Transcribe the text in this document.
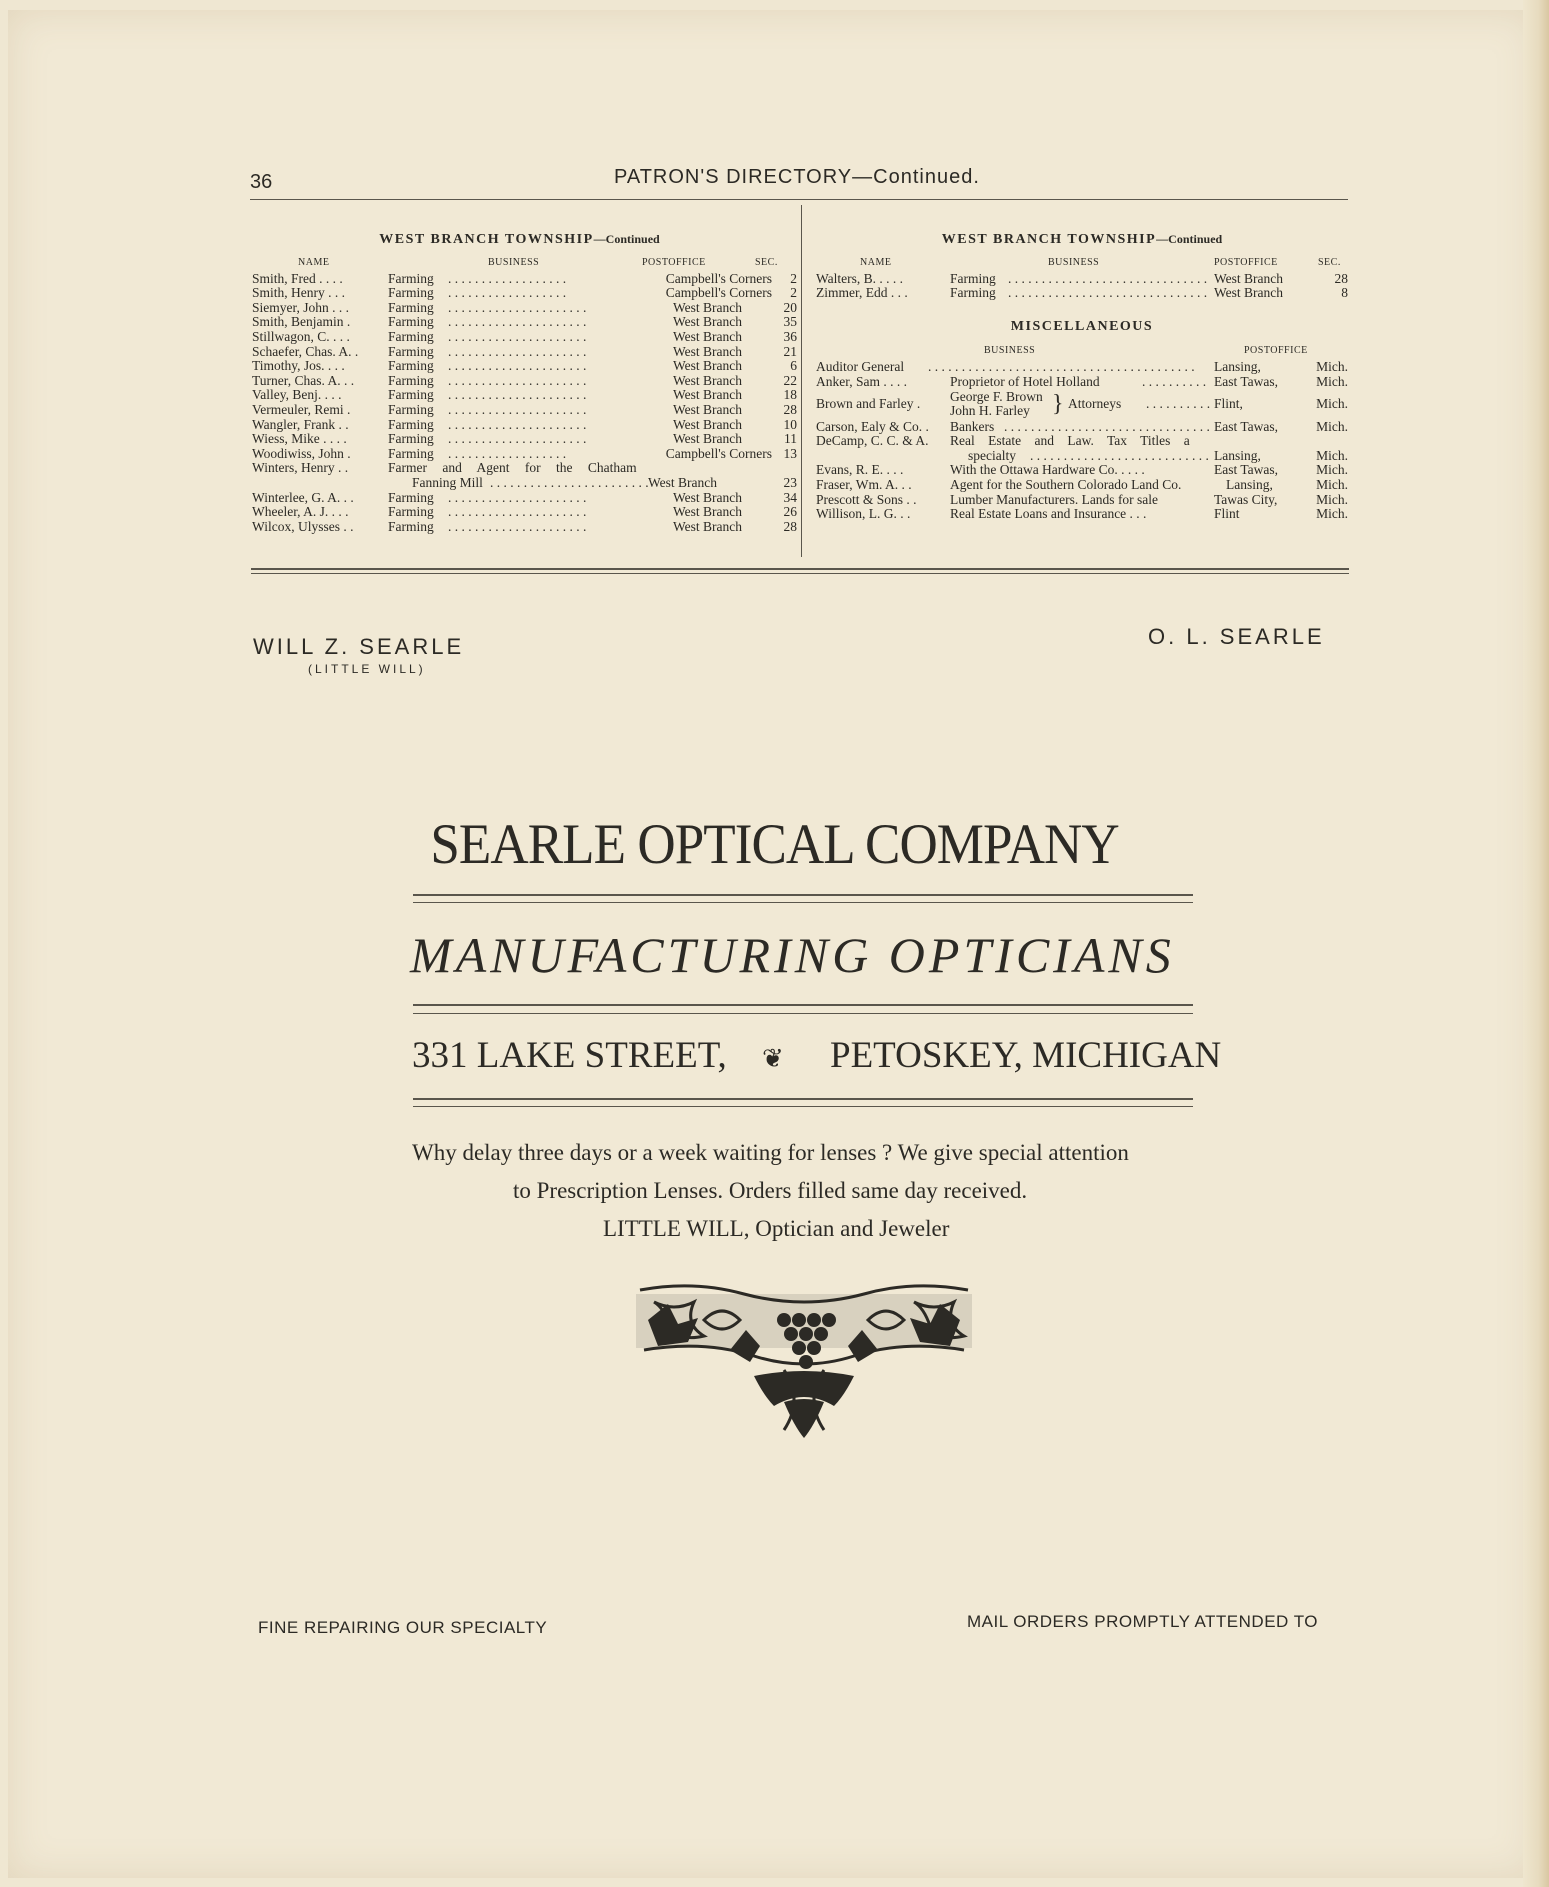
36	PATRON'S DIRECTORY—Continued.
WEST BRANCH TOWNSHIP—Continued
NAME	BUSINESS	POSTOFFICE	SEC.
Smith, Fred . . . .	Farming . . .	Campbell's Corners	2
Smith, Henry . . .	Farming . . .	Campbell's Corners	2
Siemyer, John . . .	Farming . . .	West Branch	20
Smith, Benjamin .	Farming . . .	West Branch	35
Stillwagon, C. . . .	Farming . . .	West Branch	36
Schaefer, Chas. A. . Farming . . .	West Branch	21
Timothy, Jos. . . .	Farming . . .	West Branch	6
Turner, Chas. A. . .	Farming . . .	West Branch	22
Valley, Benj. . . .	Farming . . .	West Branch	18
Vermeuler, Remi .	Farming . . .	West Branch	28
Wangler, Frank . .	Farming . . .	West Branch	10
Wiess, Mike . . . .	Farming . . .	West Branch	11
Woodiwiss, John .	Farming . . .	Campbell's Corners 13
Winters, Henry . .	Farmer and Agent for the Chatham
Fanning Mill . . .	West Branch	23
Winterlee, G. A. . .	Farming . . .	West Branch	34
Wheeler, A. J. . . .	Farming . . .	West Branch	26
Wilcox, Ulysses . .	Farming . . .	West Branch	28
WEST BRANCH TOWNSHIP—Continued
NAME	BUSINESS	POSTOFFICE	SEC.
Walters, B. . . . .	Farming . . .	West Branch	28
Zimmer, Edd . . .	Farming . . .	West Branch	8
MISCELLANEOUS
BUSINESS	POSTOFFICE
Auditor General . . .	Lansing,	Mich.
Anker, Sam . . . .	Proprietor of Hotel Holland . . .	East Tawas,	Mich.
Brown and Farley . George F. Brown
John H. Farley } Attorneys . . .	Flint,	Mich.
Carson, Ealy & Co. . Bankers . . .	East Tawas,	Mich.
DeCamp, C. C. & A. Real Estate and Law. Tax Titles a
specialty . . .	Lansing,	Mich.
Evans, R. E. . . .	With the Ottawa Hardware Co. . . . .	East Tawas,	Mich.
Fraser, Wm. A. . .	Agent for the Southern Colorado Land Co.	Lansing,	Mich.
Prescott & Sons . . Lumber Manufacturers. Lands for sale	Tawas City,	Mich.
Willison, L. G. . .	Real Estate Loans and Insurance . . .	Flint	Mich.
WILL Z. SEARLE
(LITTLE WILL)
O. L. SEARLE
SEARLE OPTICAL COMPANY
MANUFACTURING OPTICIANS
331 LAKE STREET, ❦ PETOSKEY, MICHIGAN
Why delay three days or a week waiting for lenses ? We give special attention
to Prescription Lenses. Orders filled same day received.
LITTLE WILL, Optician and Jeweler
FINE REPAIRING OUR SPECIALTY	MAIL ORDERS PROMPTLY ATTENDED TO
